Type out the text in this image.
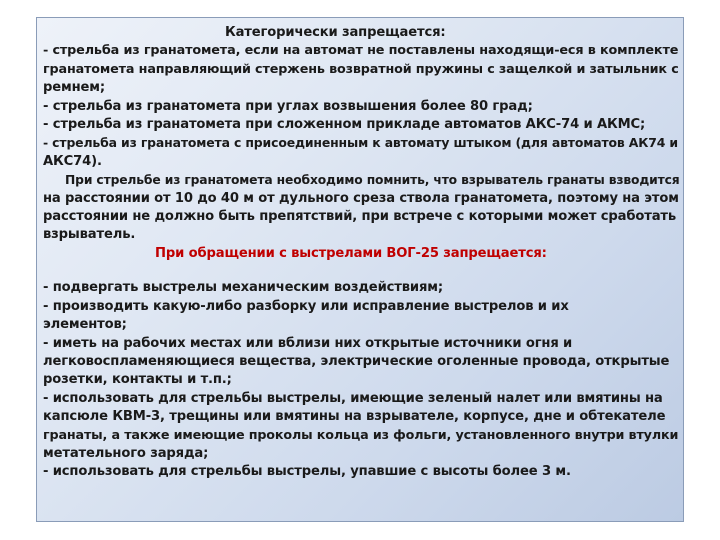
Категорически запрещается:
- стрельба из гранатомета, если на автомат не поставлены находящи-еся в комплекте
гранатомета направляющий стержень возвратной пружины с защелкой и затыльник с
ремнем;
- стрельба из гранатомета при углах возвышения более 80 град;
- стрельба из гранатомета при сложенном прикладе автоматов АКС-74 и АКМС;
- стрельба из гранатомета с присоединенным к автомату штыком (для автоматов АК74 и
АКС74).
При стрельбе из гранатомета необходимо помнить, что взрыватель гранаты взводится
на расстоянии от 10 до 40 м от дульного среза ствола гранатомета, поэтому на этом
расстоянии не должно быть препятствий, при встрече с которыми может сработать
взрыватель.
При обращении с выстрелами ВОГ-25 запрещается:
- подвергать выстрелы механическим воздействиям;
- производить какую-либо разборку или исправление выстрелов и их
элементов;
- иметь на рабочих местах или вблизи них открытые источники огня и
легковоспламеняющиеся вещества, электрические оголенные провода, открытые
розетки, контакты и т.п.;
- использовать для стрельбы выстрелы, имеющие зеленый налет или вмятины на
капсюле КВМ-3, трещины или вмятины на взрывателе, корпусе, дне и обтекателе
гранаты, а также имеющие проколы кольца из фольги, установленного внутри втулки
метательного заряда;
- использовать для стрельбы выстрелы, упавшие с высоты более 3 м.
